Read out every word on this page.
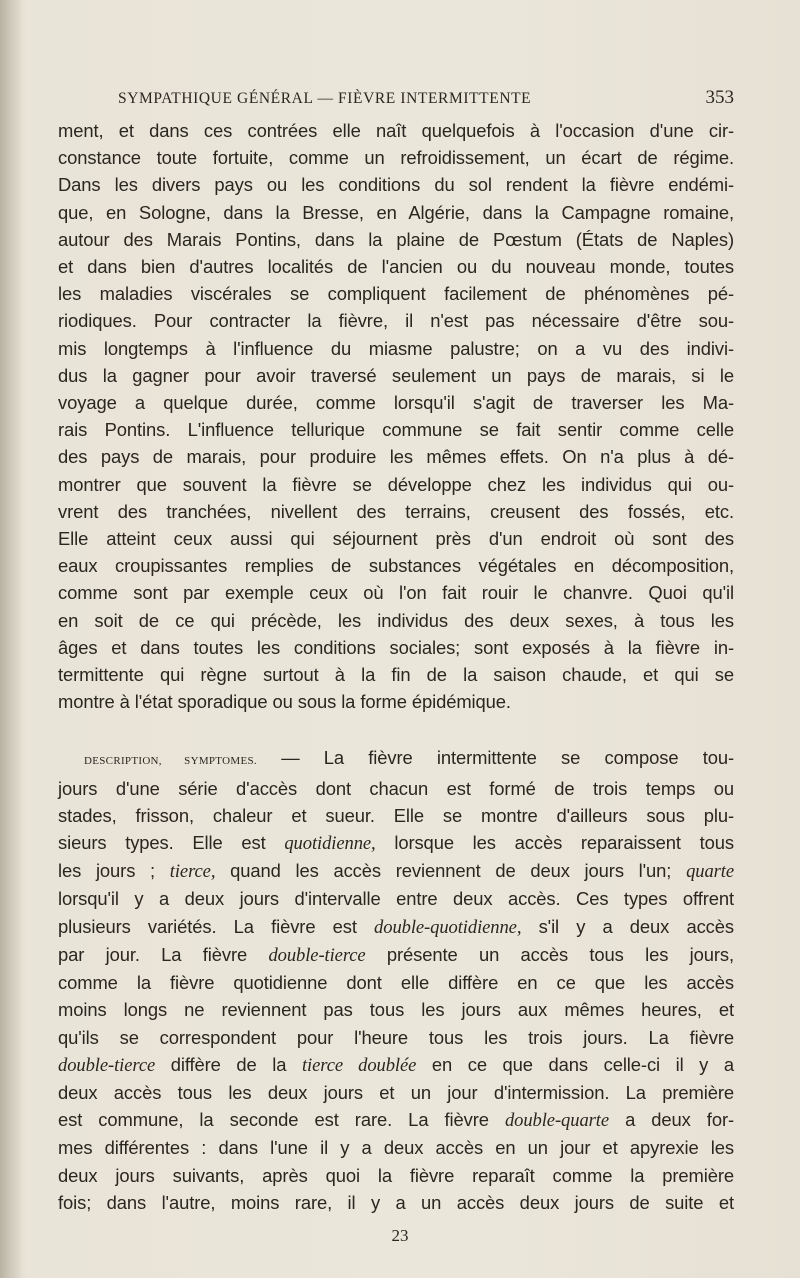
SYMPATHIQUE GÉNÉRAL — FIÈVRE INTERMITTENTE	353

ment, et dans ces contrées elle naît quelquefois à l'occasion d'une cir-

constance toute fortuite, comme un refroidissement, un écart de régime.

Dans les divers pays ou les conditions du sol rendent la fièvre endémi-

que, en Sologne, dans la Bresse, en Algérie, dans la Campagne romaine,

autour des Marais Pontins, dans la plaine de Pœstum (États de Naples)

et dans bien d'autres localités de l'ancien ou du nouveau monde, toutes

les maladies viscérales se compliquent facilement de phénomènes pé-

riodiques. Pour contracter la fièvre, il n'est pas nécessaire d'être sou-

mis longtemps à l'influence du miasme palustre; on a vu des indivi-

dus la gagner pour avoir traversé seulement un pays de marais, si le

voyage a quelque durée, comme lorsqu'il s'agit de traverser les Ma-

rais Pontins. L'influence tellurique commune se fait sentir comme celle

des pays de marais, pour produire les mêmes effets. On n'a plus à dé-

montrer que souvent la fièvre se développe chez les individus qui ou-

vrent des tranchées, nivellent des terrains, creusent des fossés, etc.

Elle atteint ceux aussi qui séjournent près d'un endroit où sont des

eaux croupissantes remplies de substances végétales en décomposition,

comme sont par exemple ceux où l'on fait rouir le chanvre. Quoi qu'il

en soit de ce qui précède, les individus des deux sexes, à tous les

âges et dans toutes les conditions sociales; sont exposés à la fièvre in-

termittente qui règne surtout à la fin de la saison chaude, et qui se

montre à l'état sporadique ou sous la forme épidémique.

description, symptomes. — La fièvre intermittente se compose tou-

jours d'une série d'accès dont chacun est formé de trois temps ou

stades, frisson, chaleur et sueur. Elle se montre d'ailleurs sous plu-

sieurs types. Elle est quotidienne, lorsque les accès reparaissent tous

les jours ; tierce, quand les accès reviennent de deux jours l'un; quarte

lorsqu'il y a deux jours d'intervalle entre deux accès. Ces types offrent

plusieurs variétés. La fièvre est double-quotidienne, s'il y a deux accès

par jour. La fièvre double-tierce présente un accès tous les jours,

comme la fièvre quotidienne dont elle diffère en ce que les accès

moins longs ne reviennent pas tous les jours aux mêmes heures, et

qu'ils se correspondent pour l'heure tous les trois jours. La fièvre

double-tierce diffère de la tierce doublée en ce que dans celle-ci il y a

deux accès tous les deux jours et un jour d'intermission. La première

est commune, la seconde est rare. La fièvre double-quarte a deux for-

mes différentes : dans l'une il y a deux accès en un jour et apyrexie les

deux jours suivants, après quoi la fièvre reparaît comme la première

fois; dans l'autre, moins rare, il y a un accès deux jours de suite et

23
